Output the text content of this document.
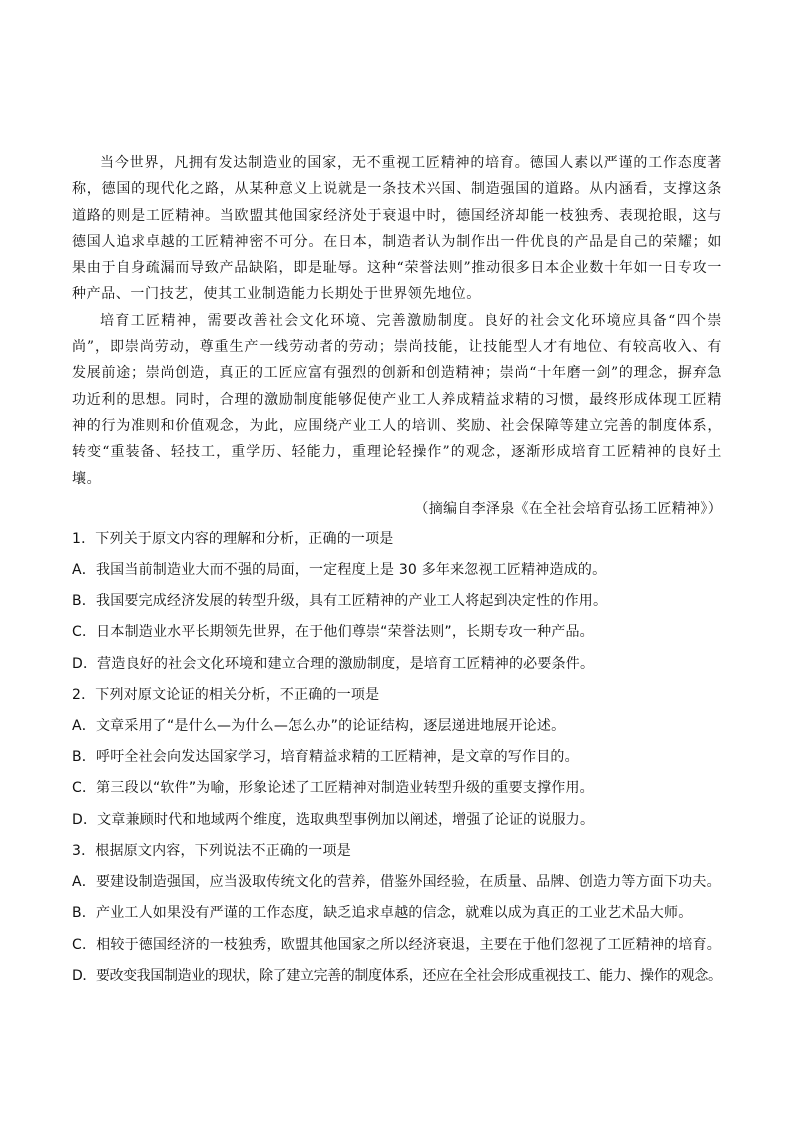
当今世界，凡拥有发达制造业的国家，无不重视工匠精神的培育。德国人素以严谨的工作态度著称，德国的现代化之路，从某种意义上说就是一条技术兴国、制造强国的道路。从内涵看，支撑这条道路的则是工匠精神。当欧盟其他国家经济处于衰退中时，德国经济却能一枝独秀、表现抢眼，这与德国人追求卓越的工匠精神密不可分。在日本，制造者认为制作出一件优良的产品是自己的荣耀；如果由于自身疏漏而导致产品缺陷，即是耻辱。这种“荣誉法则”推动很多日本企业数十年如一日专攻一种产品、一门技艺，使其工业制造能力长期处于世界领先地位。

培育工匠精神，需要改善社会文化环境、完善激励制度。良好的社会文化环境应具备“四个崇尚”，即崇尚劳动，尊重生产一线劳动者的劳动；崇尚技能，让技能型人才有地位、有较高收入、有发展前途；崇尚创造，真正的工匠应富有强烈的创新和创造精神；崇尚“十年磨一剑”的理念，摒弃急功近利的思想。同时，合理的激励制度能够促使产业工人养成精益求精的习惯，最终形成体现工匠精神的行为准则和价值观念，为此，应围绕产业工人的培训、奖励、社会保障等建立完善的制度体系，转变“重装备、轻技工，重学历、轻能力，重理论轻操作”的观念，逐渐形成培育工匠精神的良好土壤。

（摘编自李泽泉《在全社会培育弘扬工匠精神》）

1．下列关于原文内容的理解和分析，正确的一项是

A．我国当前制造业大而不强的局面，一定程度上是 30 多年来忽视工匠精神造成的。

B．我国要完成经济发展的转型升级，具有工匠精神的产业工人将起到决定性的作用。

C．日本制造业水平长期领先世界，在于他们尊崇“荣誉法则”，长期专攻一种产品。

D．营造良好的社会文化环境和建立合理的激励制度，是培育工匠精神的必要条件。

2．下列对原文论证的相关分析，不正确的一项是

A．文章采用了“是什么—为什么—怎么办”的论证结构，逐层递进地展开论述。

B．呼吁全社会向发达国家学习，培育精益求精的工匠精神，是文章的写作目的。

C．第三段以“软件”为喻，形象论述了工匠精神对制造业转型升级的重要支撑作用。

D．文章兼顾时代和地域两个维度，选取典型事例加以阐述，增强了论证的说服力。

3．根据原文内容，下列说法不正确的一项是

A．要建设制造强国，应当汲取传统文化的营养，借鉴外国经验，在质量、品牌、创造力等方面下功夫。

B．产业工人如果没有严谨的工作态度，缺乏追求卓越的信念，就难以成为真正的工业艺术品大师。

C．相较于德国经济的一枝独秀，欧盟其他国家之所以经济衰退，主要在于他们忽视了工匠精神的培育。

D．要改变我国制造业的现状，除了建立完善的制度体系，还应在全社会形成重视技工、能力、操作的观念。
